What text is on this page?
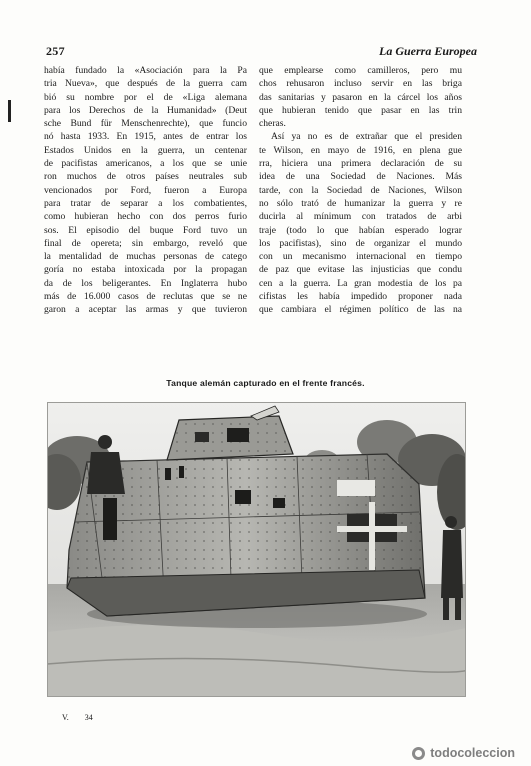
257	La Guerra Europea
había fundado la «Asociación para la Pa
tria Nueva», que después de la guerra cam
bió su nombre por el de «Liga alemana
para los Derechos de la Humanidad» (Deut
sche Bund für Menschenrechte), que funcio
nó hasta 1933. En 1915, antes de entrar los
Estados Unidos en la guerra, un centenar
de pacifistas americanos, a los que se unie
ron muchos de otros países neutrales sub
vencionados por Ford, fueron a Europa
para tratar de separar a los combatientes,
como hubieran hecho con dos perros furio
sos. El episodio del buque Ford tuvo un
final de opereta; sin embargo, reveló que
la mentalidad de muchas personas de catego
goría no estaba intoxicada por la propagan
da de los beligerantes. En Inglaterra hubo
más de 16.000 casos de reclutas que se ne
garon a aceptar las armas y que tuvieron
que emplearse como camilleros, pero mu
chos rehusaron incluso servir en las briga
das sanitarias y pasaron en la cárcel los años
que hubieran tenido que pasar en las trin
cheras.
Así ya no es de extrañar que el presiden
te Wilson, en mayo de 1916, en plena gue
rra, hiciera una primera declaración de su
idea de una Sociedad de Naciones. Más
tarde, con la Sociedad de Naciones, Wilson
no sólo trató de humanizar la guerra y re
ducirla al mínimum con tratados de arbi
traje (todo lo que habían esperado lograr
los pacifistas), sino de organizar el mundo
con un mecanismo internacional en tiempo
de paz que evitase las injusticias que condu
cen a la guerra. La gran modestia de los pa
cifistas les había impedido proponer nada
que cambiara el régimen político de las na
Tanque alemán capturado en el frente francés.
V. 34
todocoleccion
